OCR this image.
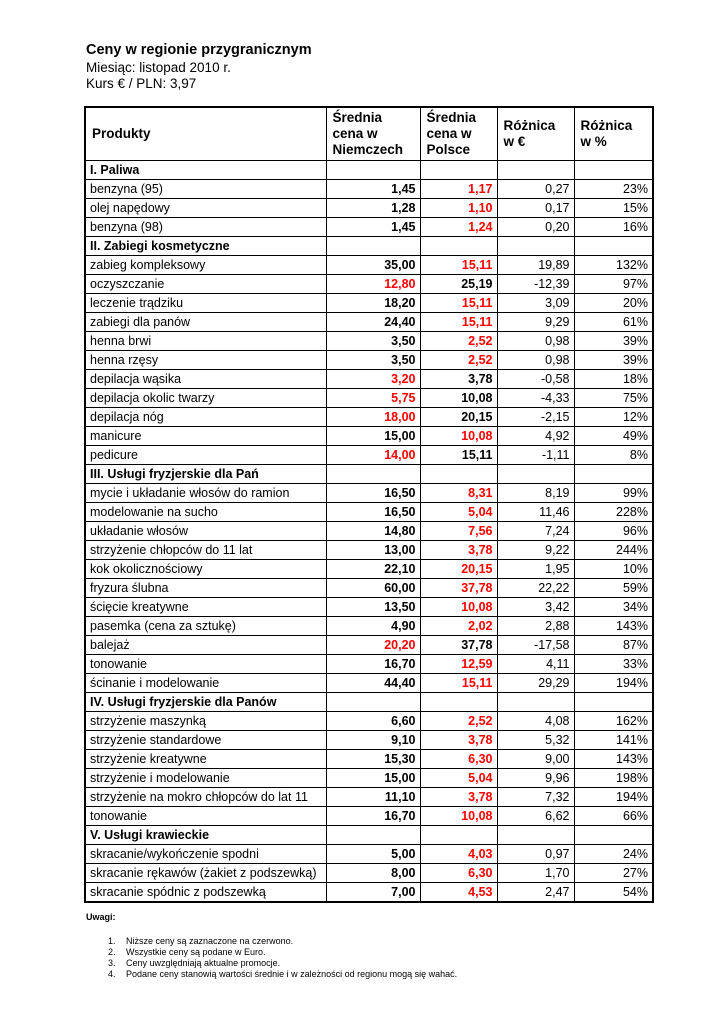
Ceny w regionie przygranicznym
Miesiąc: listopad 2010 r.
Kurs € / PLN: 3,97
Produkty	Średnia cena w Niemczech	Średnia cena w Polsce	Różnica w €	Różnica w %
I. Paliwa				
benzyna (95)	1,45	1,17	0,27	23%
olej napędowy	1,28	1,10	0,17	15%
benzyna (98)	1,45	1,24	0,20	16%
II. Zabiegi kosmetyczne				
zabieg kompleksowy	35,00	15,11	19,89	132%
oczyszczanie	12,80	25,19	-12,39	97%
leczenie trądziku	18,20	15,11	3,09	20%
zabiegi dla panów	24,40	15,11	9,29	61%
henna brwi	3,50	2,52	0,98	39%
henna rzęsy	3,50	2,52	0,98	39%
depilacja wąsika	3,20	3,78	-0,58	18%
depilacja okolic twarzy	5,75	10,08	-4,33	75%
depilacja nóg	18,00	20,15	-2,15	12%
manicure	15,00	10,08	4,92	49%
pedicure	14,00	15,11	-1,11	8%
III. Usługi fryzjerskie dla Pań				
mycie i układanie włosów do ramion	16,50	8,31	8,19	99%
modelowanie na sucho	16,50	5,04	11,46	228%
układanie włosów	14,80	7,56	7,24	96%
strzyżenie chłopców do 11 lat	13,00	3,78	9,22	244%
kok okolicznościowy	22,10	20,15	1,95	10%
fryzura ślubna	60,00	37,78	22,22	59%
ścięcie kreatywne	13,50	10,08	3,42	34%
pasemka (cena za sztukę)	4,90	2,02	2,88	143%
balejaż	20,20	37,78	-17,58	87%
tonowanie	16,70	12,59	4,11	33%
ścinanie i modelowanie	44,40	15,11	29,29	194%
IV. Usługi fryzjerskie dla Panów				
strzyżenie maszynką	6,60	2,52	4,08	162%
strzyżenie standardowe	9,10	3,78	5,32	141%
strzyżenie kreatywne	15,30	6,30	9,00	143%
strzyżenie i modelowanie	15,00	5,04	9,96	198%
strzyżenie na mokro chłopców do lat 11	11,10	3,78	7,32	194%
tonowanie	16,70	10,08	6,62	66%
V. Usługi krawieckie				
skracanie/wykończenie spodni	5,00	4,03	0,97	24%
skracanie rękawów (żakiet z podszewką)	8,00	6,30	1,70	27%
skracanie spódnic z podszewką	7,00	4,53	2,47	54%
Uwagi:
1. Niższe ceny są zaznaczone na czerwono.
2. Wszystkie ceny są podane w Euro.
3. Ceny uwzględniają aktualne promocje.
4. Podane ceny stanowią wartości średnie i w zależności od regionu mogą się wahać.
